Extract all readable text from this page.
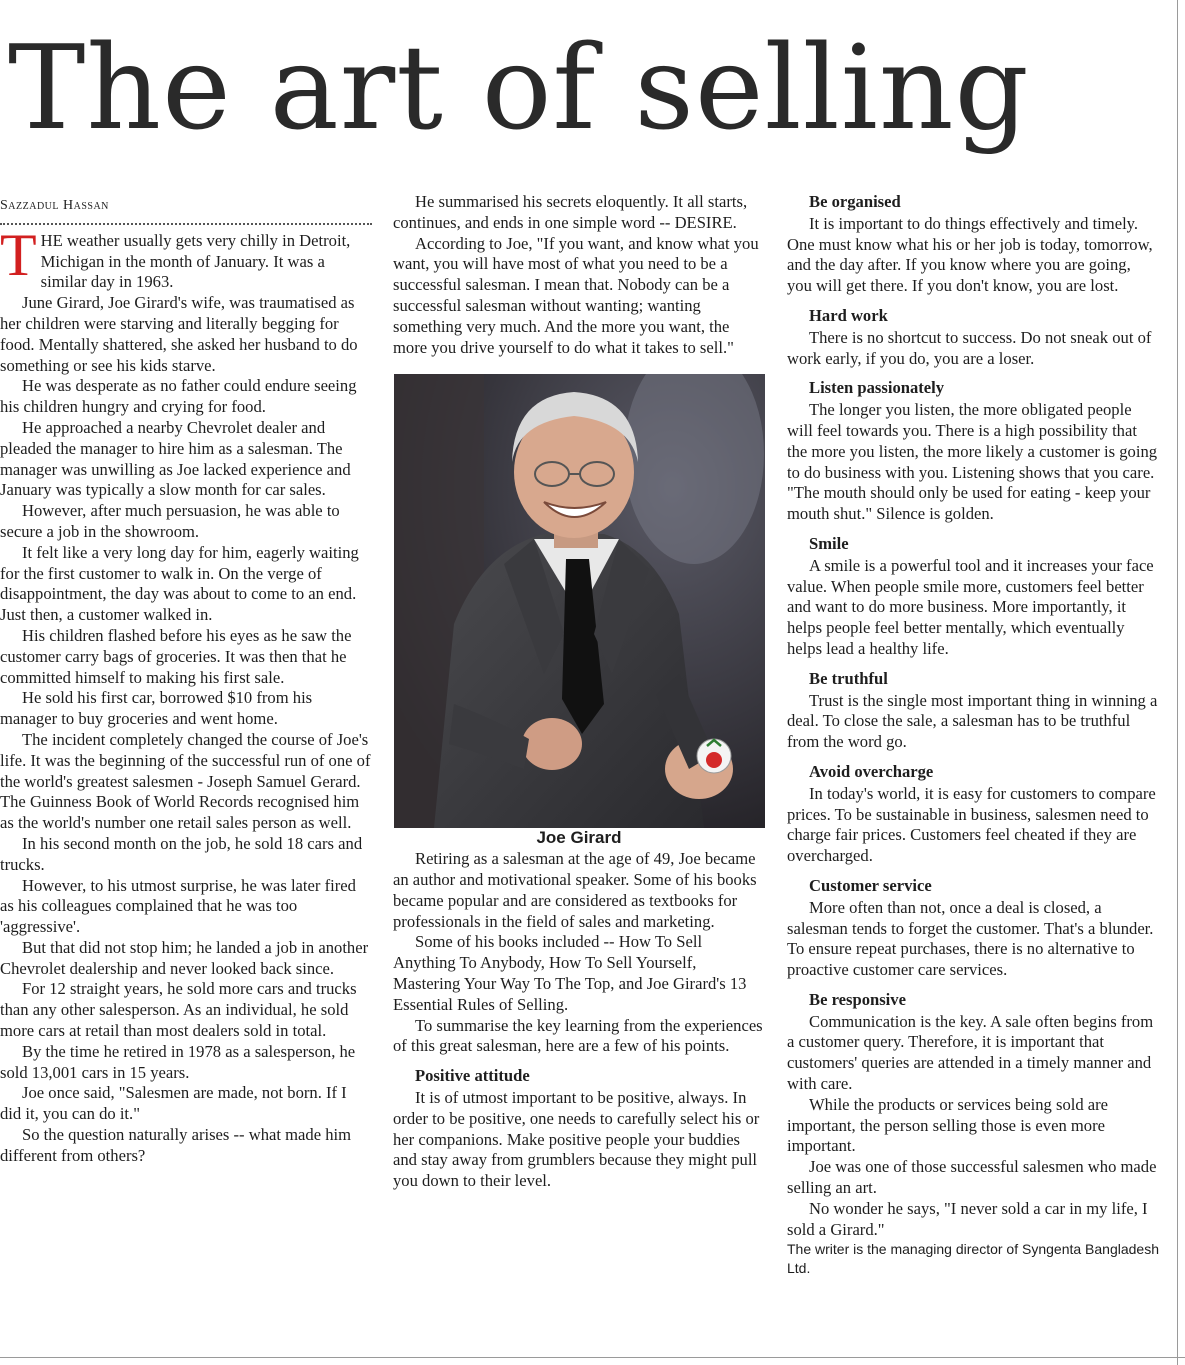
The art of selling
Sazzadul Hassan

THE weather usually gets very chilly in Detroit, Michigan in the month of January. It was a similar day in 1963.

June Girard, Joe Girard's wife, was traumatised as her children were starving and literally begging for food. Mentally shattered, she asked her husband to do something or see his kids starve.

He was desperate as no father could endure seeing his children hungry and crying for food.

He approached a nearby Chevrolet dealer and pleaded the manager to hire him as a salesman. The manager was unwilling as Joe lacked experience and January was typically a slow month for car sales.

However, after much persuasion, he was able to secure a job in the showroom.

It felt like a very long day for him, eagerly waiting for the first customer to walk in. On the verge of disappointment, the day was about to come to an end. Just then, a customer walked in.

His children flashed before his eyes as he saw the customer carry bags of groceries. It was then that he committed himself to making his first sale.

He sold his first car, borrowed $10 from his manager to buy groceries and went home.

The incident completely changed the course of Joe's life. It was the beginning of the successful run of one of the world's greatest salesmen - Joseph Samuel Gerard. The Guinness Book of World Records recognised him as the world's number one retail sales person as well.

In his second month on the job, he sold 18 cars and trucks.

However, to his utmost surprise, he was later fired as his colleagues complained that he was too 'aggressive'.

But that did not stop him; he landed a job in another Chevrolet dealership and never looked back since.

For 12 straight years, he sold more cars and trucks than any other salesperson. As an individual, he sold more cars at retail than most dealers sold in total.

By the time he retired in 1978 as a salesperson, he sold 13,001 cars in 15 years.

Joe once said, "Salesmen are made, not born. If I did it, you can do it."

So the question naturally arises -- what made him different from others?

He summarised his secrets eloquently. It all starts, continues, and ends in one simple word -- DESIRE.

According to Joe, "If you want, and know what you want, you will have most of what you need to be a successful salesman. I mean that. Nobody can be a successful salesman without wanting; wanting something very much. And the more you want, the more you drive yourself to do what it takes to sell."

Joe Girard

Retiring as a salesman at the age of 49, Joe became an author and motivational speaker. Some of his books became popular and are considered as textbooks for professionals in the field of sales and marketing.

Some of his books included -- How To Sell Anything To Anybody, How To Sell Yourself, Mastering Your Way To The Top, and Joe Girard's 13 Essential Rules of Selling.

To summarise the key learning from the experiences of this great salesman, here are a few of his points.

Positive attitude

It is of utmost important to be positive, always. In order to be positive, one needs to carefully select his or her companions. Make positive people your buddies and stay away from grumblers because they might pull you down to their level.

Be organised

It is important to do things effectively and timely. One must know what his or her job is today, tomorrow, and the day after. If you know where you are going, you will get there. If you don't know, you are lost.

Hard work

There is no shortcut to success. Do not sneak out of work early, if you do, you are a loser.

Listen passionately

The longer you listen, the more obligated people will feel towards you. There is a high possibility that the more you listen, the more likely a customer is going to do business with you. Listening shows that you care. "The mouth should only be used for eating - keep your mouth shut." Silence is golden.

Smile

A smile is a powerful tool and it increases your face value. When people smile more, customers feel better and want to do more business. More importantly, it helps people feel better mentally, which eventually helps lead a healthy life.

Be truthful

Trust is the single most important thing in winning a deal. To close the sale, a salesman has to be truthful from the word go.

Avoid overcharge

In today's world, it is easy for customers to compare prices. To be sustainable in business, salesmen need to charge fair prices. Customers feel cheated if they are overcharged.

Customer service

More often than not, once a deal is closed, a salesman tends to forget the customer. That's a blunder. To ensure repeat purchases, there is no alternative to proactive customer care services.

Be responsive

Communication is the key. A sale often begins from a customer query. Therefore, it is important that customers' queries are attended in a timely manner and with care.

While the products or services being sold are important, the person selling those is even more important.

Joe was one of those successful salesmen who made selling an art.

No wonder he says, "I never sold a car in my life, I sold a Girard."

The writer is the managing director of Syngenta Bangladesh Ltd.
